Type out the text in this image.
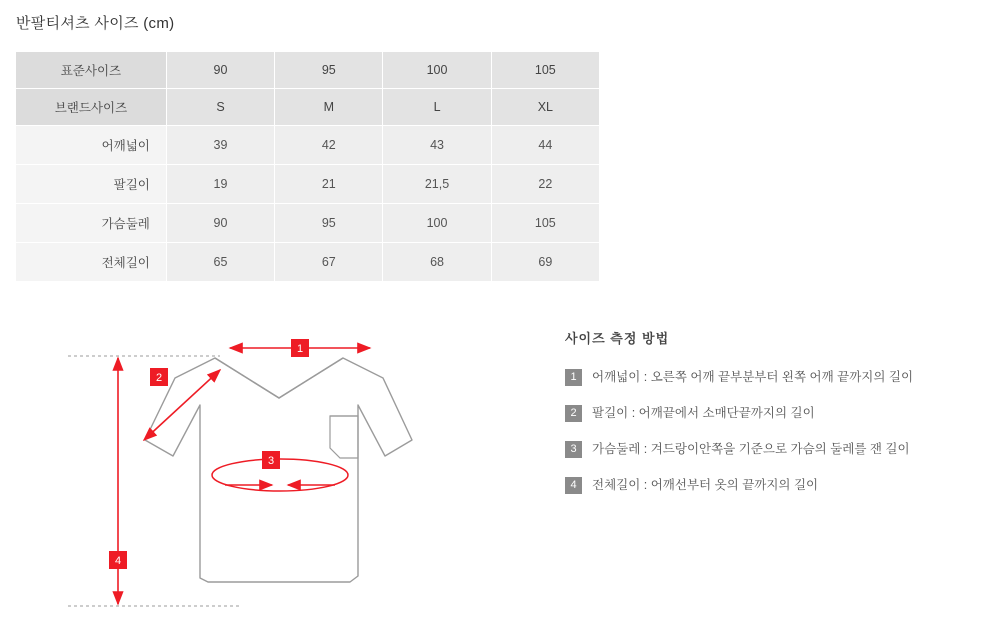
반팔티셔츠 사이즈 (cm)
표준사이즈	90	95	100	105
브랜드사이즈	S	M	L	XL
어깨넓이	39	42	43	44
팔길이	19	21	21,5	22
가슴둘레	90	95	100	105
전체길이	65	67	68	69
1
2
3
4
사이즈 측정 방법
1	어깨넓이 : 오른쪽 어깨 끝부분부터 왼쪽 어깨 끝까지의 길이
2	팔길이 : 어깨끝에서 소매단끝까지의 길이
3	가슴둘레 : 겨드랑이안쪽을 기준으로 가슴의 둘레를 잰 길이
4	전체길이 : 어깨선부터 옷의 끝까지의 길이
